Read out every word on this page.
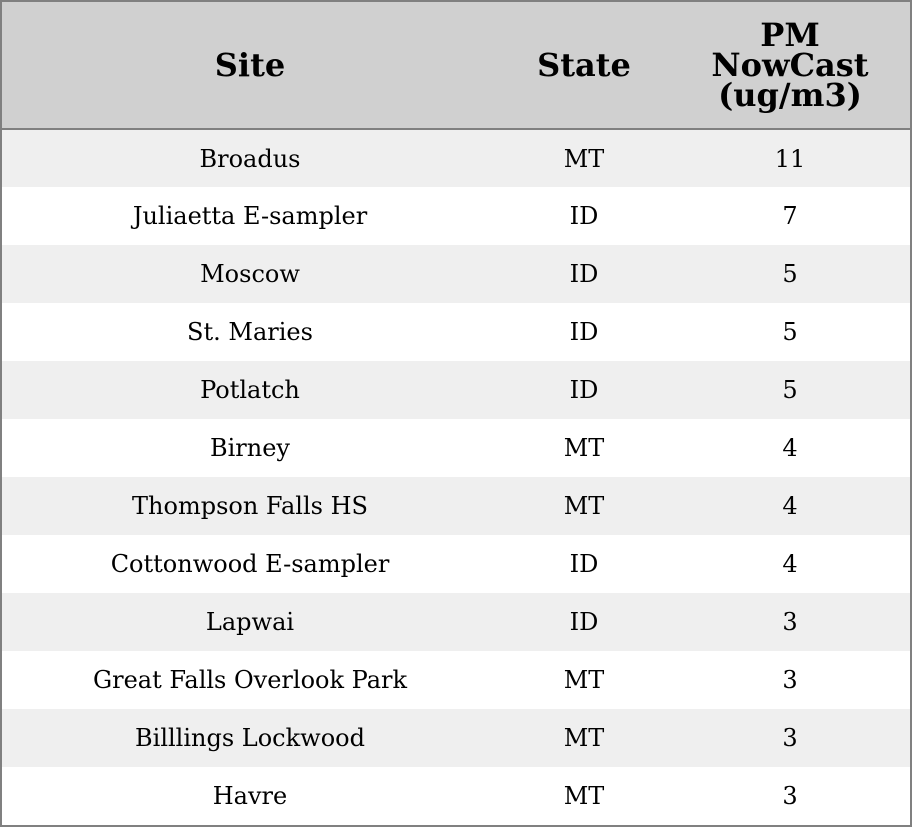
Site	State	PM
NowCast
(ug/m3)

Broadus	MT	11
Juliaetta E-sampler	ID	7
Moscow	ID	5
St. Maries	ID	5
Potlatch	ID	5
Birney	MT	4
Thompson Falls HS	MT	4
Cottonwood E-sampler	ID	4
Lapwai	ID	3
Great Falls Overlook Park	MT	3
Billlings Lockwood	MT	3
Havre	MT	3
